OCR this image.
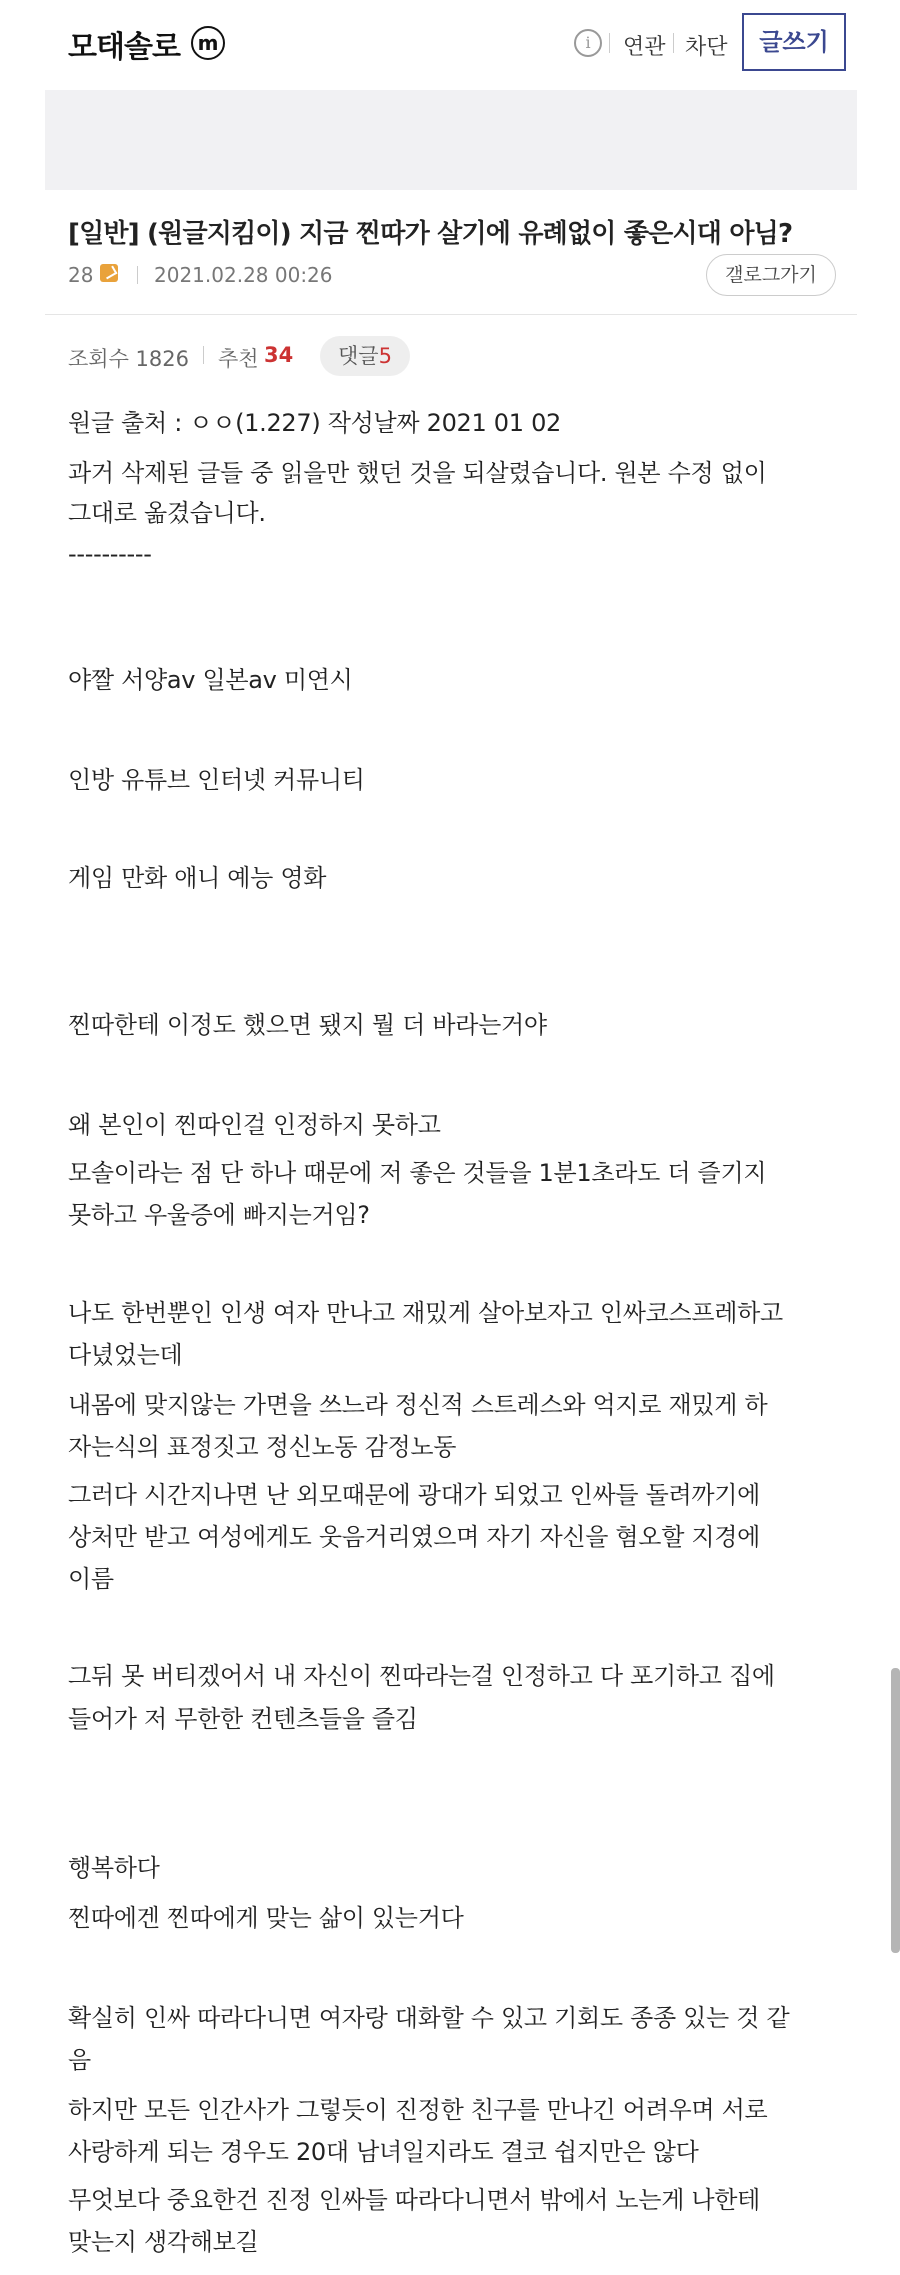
모태솔로 m	i	연관 차단	글쓰기
[일반] (원글지킴이) 지금 찐따가 살기에 유례없이 좋은시대 아님?
28	2021.02.28 00:26	갤로그가기
조회수 1826 추천 34	댓글5
원글 출처 : ㅇㅇ(1.227) 작성날짜 2021 01 02
과거 삭제된 글들 중 읽을만 했던 것을 되살렸습니다. 원본 수정 없이
그대로 옮겼습니다.
----------
야짤 서양av 일본av 미연시
인방 유튜브 인터넷 커뮤니티
게임 만화 애니 예능 영화
찐따한테 이정도 했으면 됐지 뭘 더 바라는거야
왜 본인이 찐따인걸 인정하지 못하고
모솔이라는 점 단 하나 때문에 저 좋은 것들을 1분1초라도 더 즐기지
못하고 우울증에 빠지는거임?
나도 한번뿐인 인생 여자 만나고 재밌게 살아보자고 인싸코스프레하고
다녔었는데
내몸에 맞지않는 가면을 쓰느라 정신적 스트레스와 억지로 재밌게 하
자는식의 표정짓고 정신노동 감정노동
그러다 시간지나면 난 외모때문에 광대가 되었고 인싸들 돌려까기에
상처만 받고 여성에게도 웃음거리였으며 자기 자신을 혐오할 지경에
이름
그뒤 못 버티겠어서 내 자신이 찐따라는걸 인정하고 다 포기하고 집에
들어가 저 무한한 컨텐츠들을 즐김
행복하다
찐따에겐 찐따에게 맞는 삶이 있는거다
확실히 인싸 따라다니면 여자랑 대화할 수 있고 기회도 종종 있는 것 같
음
하지만 모든 인간사가 그렇듯이 진정한 친구를 만나긴 어려우며 서로
사랑하게 되는 경우도 20대 남녀일지라도 결코 쉽지만은 않다
무엇보다 중요한건 진정 인싸들 따라다니면서 밖에서 노는게 나한테
맞는지 생각해보길
